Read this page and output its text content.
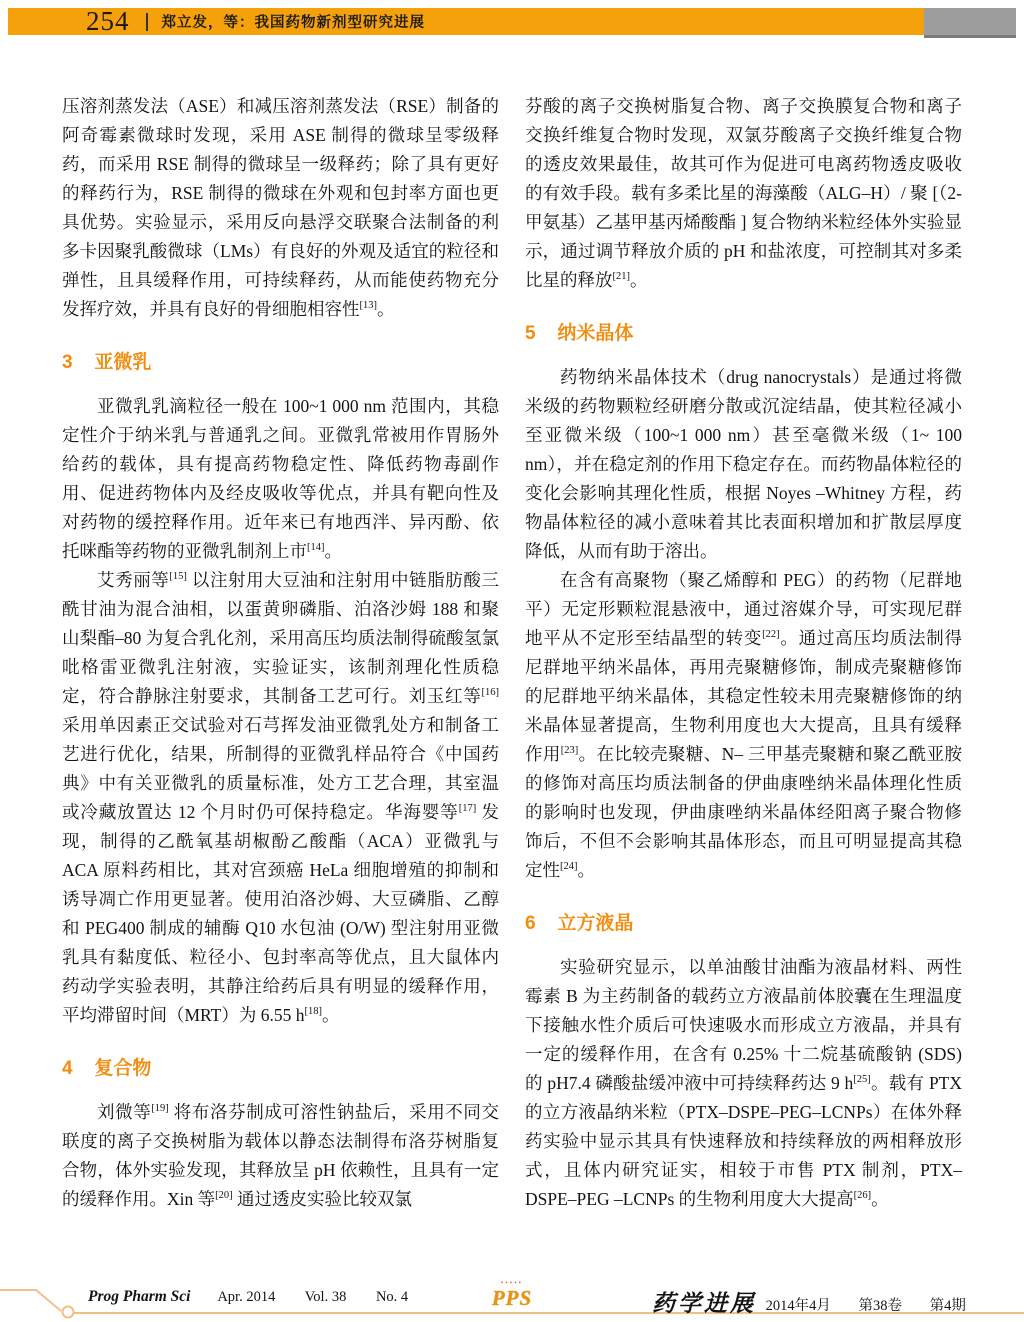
254 郑立发，等：我国药物新剂型研究进展

压溶剂蒸发法（ASE）和减压溶剂蒸发法（RSE）制备的阿奇霉素微球时发现，采用 ASE 制得的微球呈零级释药，而采用 RSE 制得的微球呈一级释药；除了具有更好的释药行为，RSE 制得的微球在外观和包封率方面也更具优势。实验显示，采用反向悬浮交联聚合法制备的利多卡因聚乳酸微球（LMs）有良好的外观及适宜的粒径和弹性，且具缓释作用，可持续释药，从而能使药物充分发挥疗效，并具有良好的骨细胞相容性[13]。

3 亚微乳

亚微乳乳滴粒径一般在 100~1 000 nm 范围内，其稳定性介于纳米乳与普通乳之间。亚微乳常被用作胃肠外给药的载体，具有提高药物稳定性、降低药物毒副作用、促进药物体内及经皮吸收等优点，并具有靶向性及对药物的缓控释作用。近年来已有地西泮、异丙酚、依托咪酯等药物的亚微乳制剂上市[14]。

艾秀丽等[15] 以注射用大豆油和注射用中链脂肪酸三酰甘油为混合油相，以蛋黄卵磷脂、泊洛沙姆 188 和聚山梨酯–80 为复合乳化剂，采用高压均质法制得硫酸氢氯吡格雷亚微乳注射液，实验证实，该制剂理化性质稳定，符合静脉注射要求，其制备工艺可行。刘玉红等[16] 采用单因素正交试验对石芎挥发油亚微乳处方和制备工艺进行优化，结果，所制得的亚微乳样品符合《中国药典》中有关亚微乳的质量标准，处方工艺合理，其室温或冷藏放置达 12 个月时仍可保持稳定。华海婴等[17] 发现，制得的乙酰氧基胡椒酚乙酸酯（ACA）亚微乳与 ACA 原料药相比，其对宫颈癌 HeLa 细胞增殖的抑制和诱导凋亡作用更显著。使用泊洛沙姆、大豆磷脂、乙醇和 PEG400 制成的辅酶 Q10 水包油 (O/W) 型注射用亚微乳具有黏度低、粒径小、包封率高等优点，且大鼠体内药动学实验表明，其静注给药后具有明显的缓释作用，平均滞留时间（MRT）为 6.55 h[18]。

4 复合物

刘微等[19] 将布洛芬制成可溶性钠盐后，采用不同交联度的离子交换树脂为载体以静态法制得布洛芬树脂复合物，体外实验发现，其释放呈 pH 依赖性，且具有一定的缓释作用。Xin 等[20] 通过透皮实验比较双氯

芬酸的离子交换树脂复合物、离子交换膜复合物和离子交换纤维复合物时发现，双氯芬酸离子交换纤维复合物的透皮效果最佳，故其可作为促进可电离药物透皮吸收的有效手段。载有多柔比星的海藻酸（ALG–H）/ 聚 [（2-甲氨基）乙基甲基丙烯酸酯 ] 复合物纳米粒经体外实验显示，通过调节释放介质的 pH 和盐浓度，可控制其对多柔比星的释放[21]。

5 纳米晶体

药物纳米晶体技术（drug nanocrystals）是通过将微米级的药物颗粒经研磨分散或沉淀结晶，使其粒径减小至亚微米级（100~1 000 nm）甚至毫微米级（1~ 100 nm），并在稳定剂的作用下稳定存在。而药物晶体粒径的变化会影响其理化性质，根据 Noyes –Whitney 方程，药物晶体粒径的减小意味着其比表面积增加和扩散层厚度降低，从而有助于溶出。

在含有高聚物（聚乙烯醇和 PEG）的药物（尼群地平）无定形颗粒混悬液中，通过溶媒介导，可实现尼群地平从不定形至结晶型的转变[22]。通过高压均质法制得尼群地平纳米晶体，再用壳聚糖修饰，制成壳聚糖修饰的尼群地平纳米晶体，其稳定性较未用壳聚糖修饰的纳米晶体显著提高，生物利用度也大大提高，且具有缓释作用[23]。在比较壳聚糖、N– 三甲基壳聚糖和聚乙酰亚胺的修饰对高压均质法制备的伊曲康唑纳米晶体理化性质的影响时也发现，伊曲康唑纳米晶体经阳离子聚合物修饰后，不但不会影响其晶体形态，而且可明显提高其稳定性[24]。

6 立方液晶

实验研究显示，以单油酸甘油酯为液晶材料、两性霉素 B 为主药制备的载药立方液晶前体胶囊在生理温度下接触水性介质后可快速吸水而形成立方液晶，并具有一定的缓释作用，在含有 0.25% 十二烷基硫酸钠 (SDS) 的 pH7.4 磷酸盐缓冲液中可持续释药达 9 h[25]。载有 PTX 的立方液晶纳米粒（PTX–DSPE–PEG–LCNPs）在体外释药实验中显示其具有快速释放和持续释放的两相释放形式，且体内研究证实，相较于市售 PTX 制剂，PTX–DSPE–PEG –LCNPs 的生物利用度大大提高[26]。

Prog Pharm Sci Apr. 2014 Vol. 38 No. 4
•••••
PPS	药学进展 2014年4月 第38卷 第4期
